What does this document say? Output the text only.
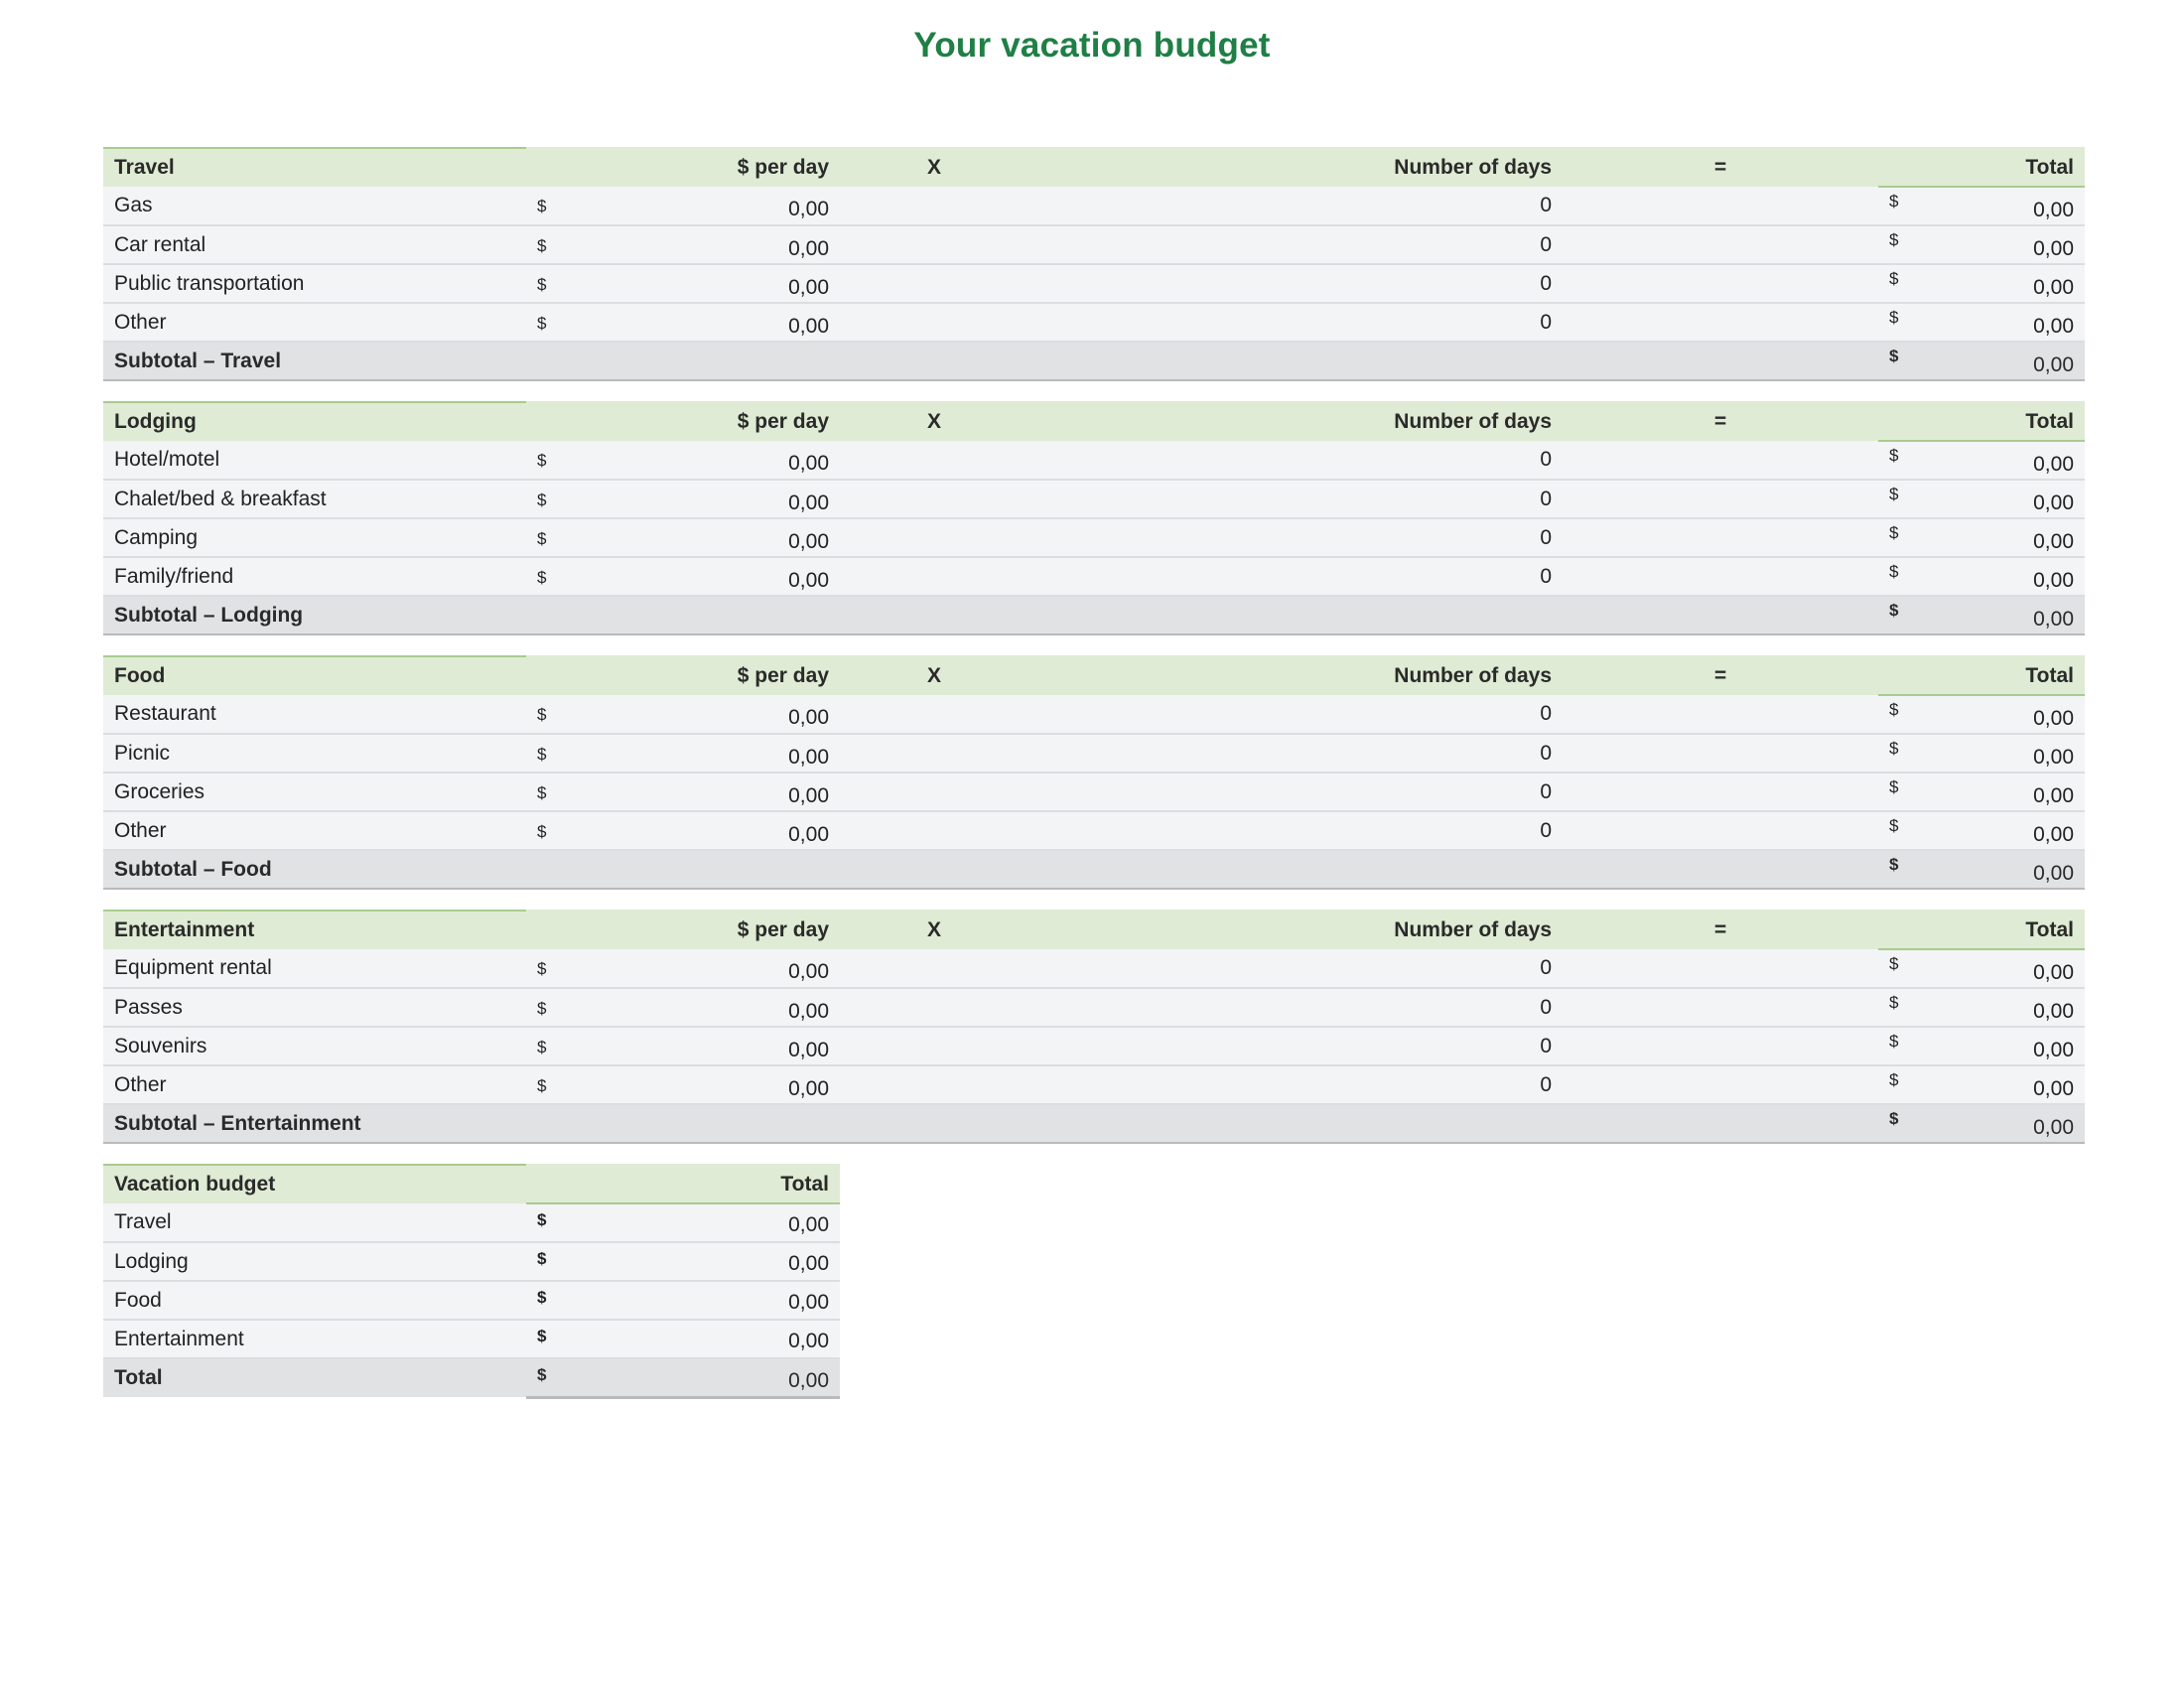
Your vacation budget
Travel	$ per day	X	Number of days	=	Total
Gas	$ 0,00		0		$ 0,00

Car rental	$ 0,00		0		$ 0,00

Public transportation	$ 0,00		0		$ 0,00

Other	$ 0,00		0		$ 0,00

Subtotal – Travel					$ 0,00
Lodging	$ per day	X	Number of days	=	Total
Hotel/motel	$ 0,00		0		$ 0,00

Chalet/bed & breakfast	$ 0,00		0		$ 0,00

Camping	$ 0,00		0		$ 0,00

Family/friend	$ 0,00		0		$ 0,00

Subtotal – Lodging					$ 0,00
Food	$ per day	X	Number of days	=	Total
Restaurant	$ 0,00		0		$ 0,00

Picnic	$ 0,00		0		$ 0,00

Groceries	$ 0,00		0		$ 0,00

Other	$ 0,00		0		$ 0,00

Subtotal – Food					$ 0,00
Entertainment	$ per day	X	Number of days	=	Total
Equipment rental	$ 0,00		0		$ 0,00

Passes	$ 0,00		0		$ 0,00

Souvenirs	$ 0,00		0		$ 0,00

Other	$ 0,00		0		$ 0,00

Subtotal – Entertainment					$ 0,00
Vacation budget	Total
Travel	$ 0,00

Lodging	$ 0,00

Food	$ 0,00

Entertainment	$ 0,00

Total	$ 0,00
